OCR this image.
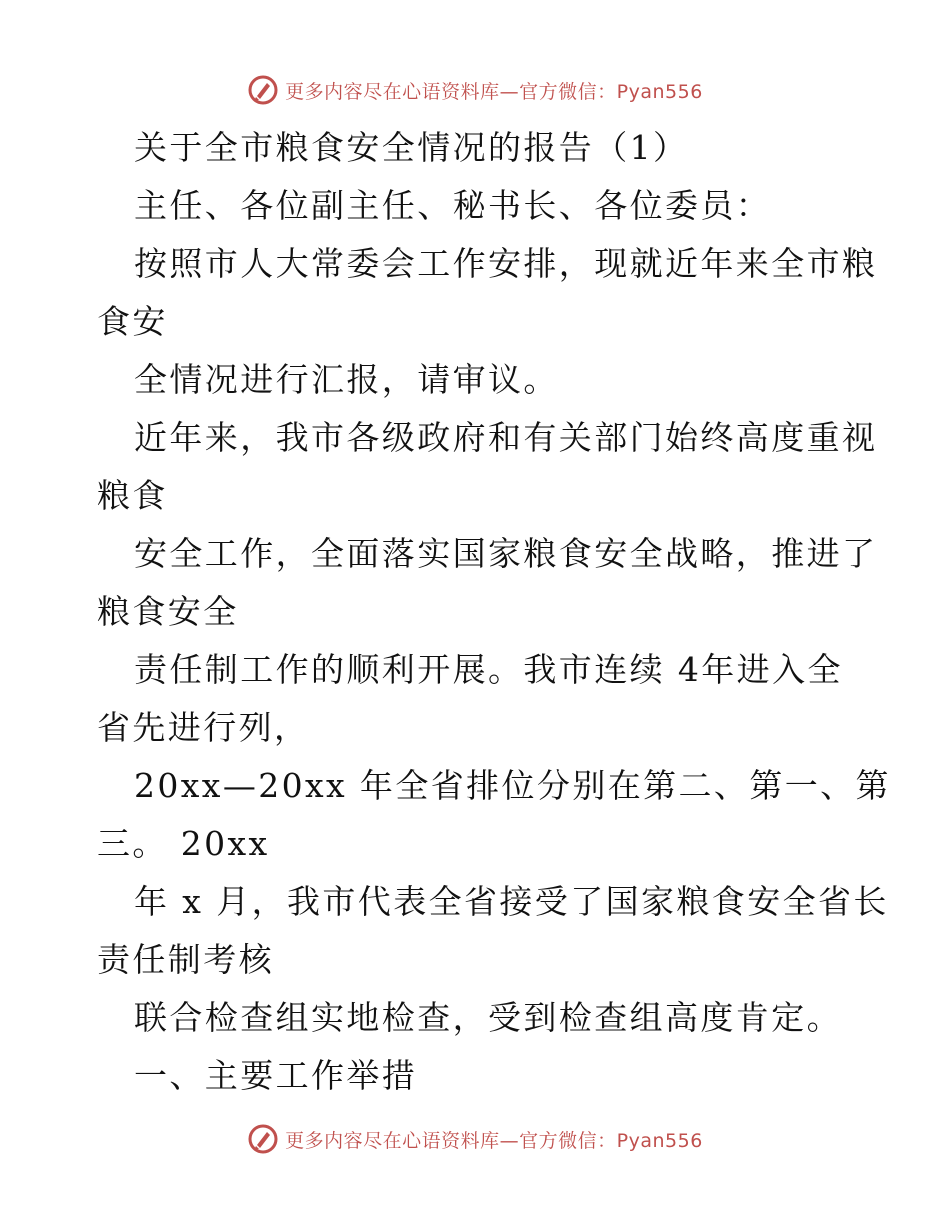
更多内容尽在心语资料库—官方微信：Pyan556
关于全市粮食安全情况的报告（1）
主任、各位副主任、秘书长、各位委员：
按照市人大常委会工作安排，现就近年来全市粮
食安
全情况进行汇报，请审议。
近年来，我市各级政府和有关部门始终高度重视
粮食
安全工作，全面落实国家粮食安全战略，推进了
粮食安全
责任制工作的顺利开展。我市连续 4年进入全
省先进行列，
20xx—20xx 年全省排位分别在第二、第一、第
三。 20xx
年 x 月，我市代表全省接受了国家粮食安全省长
责任制考核
联合检查组实地检查，受到检查组高度肯定。
一、主要工作举措
更多内容尽在心语资料库—官方微信：Pyan556
